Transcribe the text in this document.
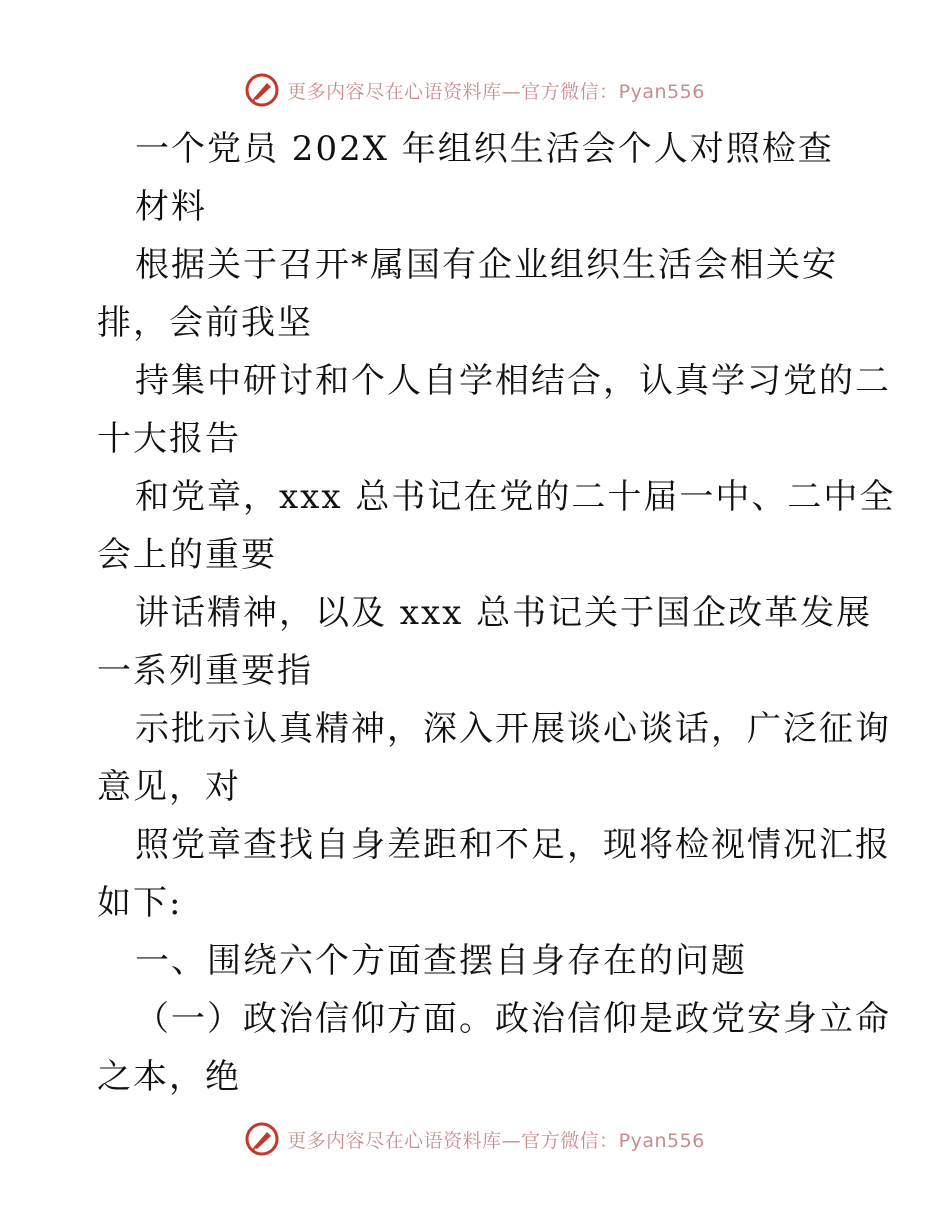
更多内容尽在心语资料库—官方微信：Pyan556
一个党员 202X 年组织生活会个人对照检查
材料
根据关于召开*属国有企业组织生活会相关安
排，会前我坚
持集中研讨和个人自学相结合，认真学习党的二
十大报告
和党章，xxx 总书记在党的二十届一中、二中全
会上的重要
讲话精神，以及 xxx 总书记关于国企改革发展
一系列重要指
示批示认真精神，深入开展谈心谈话，广泛征询
意见，对
照党章查找自身差距和不足，现将检视情况汇报
如下:
一、围绕六个方面查摆自身存在的问题
（一）政治信仰方面。政治信仰是政党安身立命
之本，绝
更多内容尽在心语资料库—官方微信：Pyan556
